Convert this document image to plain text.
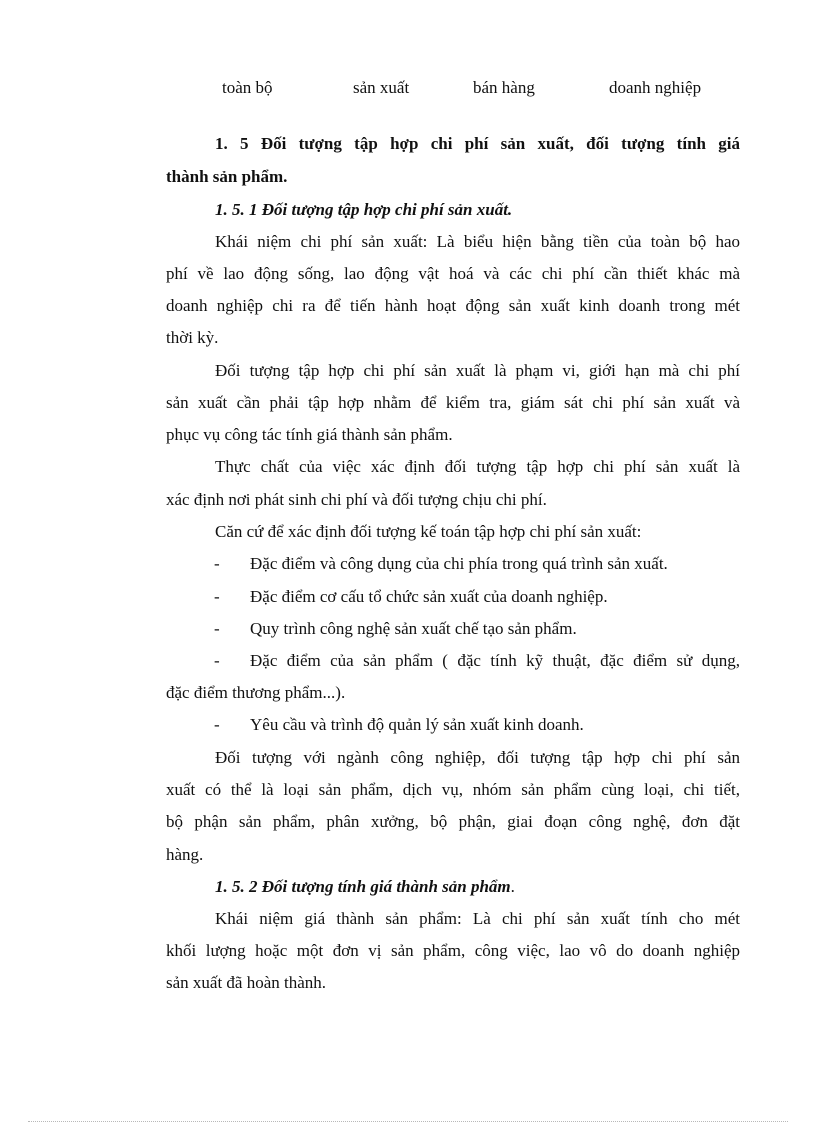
toàn bộ	sản xuất	bán hàng	doanh nghiệp
1. 5 Đối tượng tập hợp chi phí sản xuất, đối tượng tính giá
thành sản phẩm.
1. 5. 1 Đối tượng tập hợp chi phí sản xuất.
Khái niệm chi phí sản xuất: Là biểu hiện bằng tiền của toàn bộ hao
phí về lao động sống, lao động vật hoá và các chi phí cần thiết khác mà
doanh nghiệp chi ra để tiến hành hoạt động sản xuất kinh doanh trong mét
thời kỳ.
Đối tượng tập hợp chi phí sản xuất là phạm vi, giới hạn mà chi phí
sản xuất cần phải tập hợp nhằm để kiểm tra, giám sát chi phí sản xuất và
phục vụ công tác tính giá thành sản phẩm.
Thực chất của việc xác định đối tượng tập hợp chi phí sản xuất là
xác định nơi phát sinh chi phí và đối tượng chịu chi phí.
Căn cứ để xác định đối tượng kế toán tập hợp chi phí sản xuất:
- Đặc điểm và công dụng của chi phía trong quá trình sản xuất.
- Đặc điểm cơ cấu tổ chức sản xuất của doanh nghiệp.
- Quy trình công nghệ sản xuất chế tạo sản phẩm.
- Đặc điểm của sản phẩm ( đặc tính kỹ thuật, đặc điểm sử dụng,
đặc điểm thương phẩm...).
- Yêu cầu và trình độ quản lý sản xuất kinh doanh.
Đối tượng với ngành công nghiệp, đối tượng tập hợp chi phí sản
xuất có thể là loại sản phẩm, dịch vụ, nhóm sản phẩm cùng loại, chi tiết,
bộ phận sản phẩm, phân xưởng, bộ phận, giai đoạn công nghệ, đơn đặt
hàng.
1. 5. 2 Đối tượng tính giá thành sản phẩm.
Khái niệm giá thành sản phẩm: Là chi phí sản xuất tính cho mét
khối lượng hoặc một đơn vị sản phẩm, công việc, lao vô do doanh nghiệp
sản xuất đã hoàn thành.
